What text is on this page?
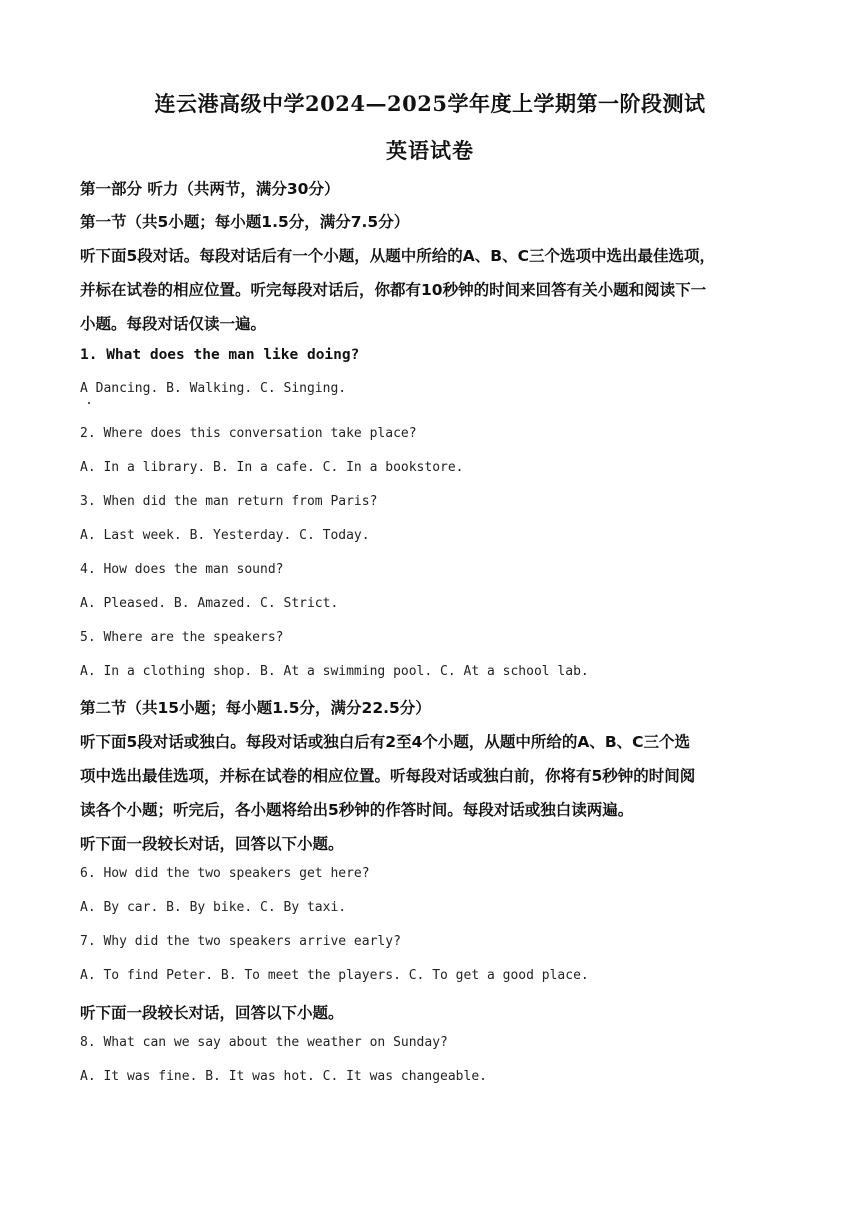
连云港高级中学2024—2025学年度上学期第一阶段测试
英语试卷
第一部分 听力（共两节，满分30分）
第一节（共5小题；每小题1.5分，满分7.5分）
听下面5段对话。每段对话后有一个小题，从题中所给的A、B、C三个选项中选出最佳选项，
并标在试卷的相应位置。听完每段对话后，你都有10秒钟的时间来回答有关小题和阅读下一
小题。每段对话仅读一遍。
1. What does the man like doing?
A Dancing. B. Walking. C. Singing.
2. Where does this conversation take place?
A. In a library. B. In a cafe. C. In a bookstore.
3. When did the man return from Paris?
A. Last week. B. Yesterday. C. Today.
4. How does the man sound?
A. Pleased. B. Amazed. C. Strict.
5. Where are the speakers?
A. In a clothing shop. B. At a swimming pool. C. At a school lab.
第二节（共15小题；每小题1.5分，满分22.5分）
听下面5段对话或独白。每段对话或独白后有2至4个小题，从题中所给的A、B、C三个选
项中选出最佳选项，并标在试卷的相应位置。听每段对话或独白前，你将有5秒钟的时间阅
读各个小题；听完后，各小题将给出5秒钟的作答时间。每段对话或独白读两遍。
听下面一段较长对话，回答以下小题。
6. How did the two speakers get here?
A. By car. B. By bike. C. By taxi.
7. Why did the two speakers arrive early?
A. To find Peter. B. To meet the players. C. To get a good place.
听下面一段较长对话，回答以下小题。
8. What can we say about the weather on Sunday?
A. It was fine. B. It was hot. C. It was changeable.
